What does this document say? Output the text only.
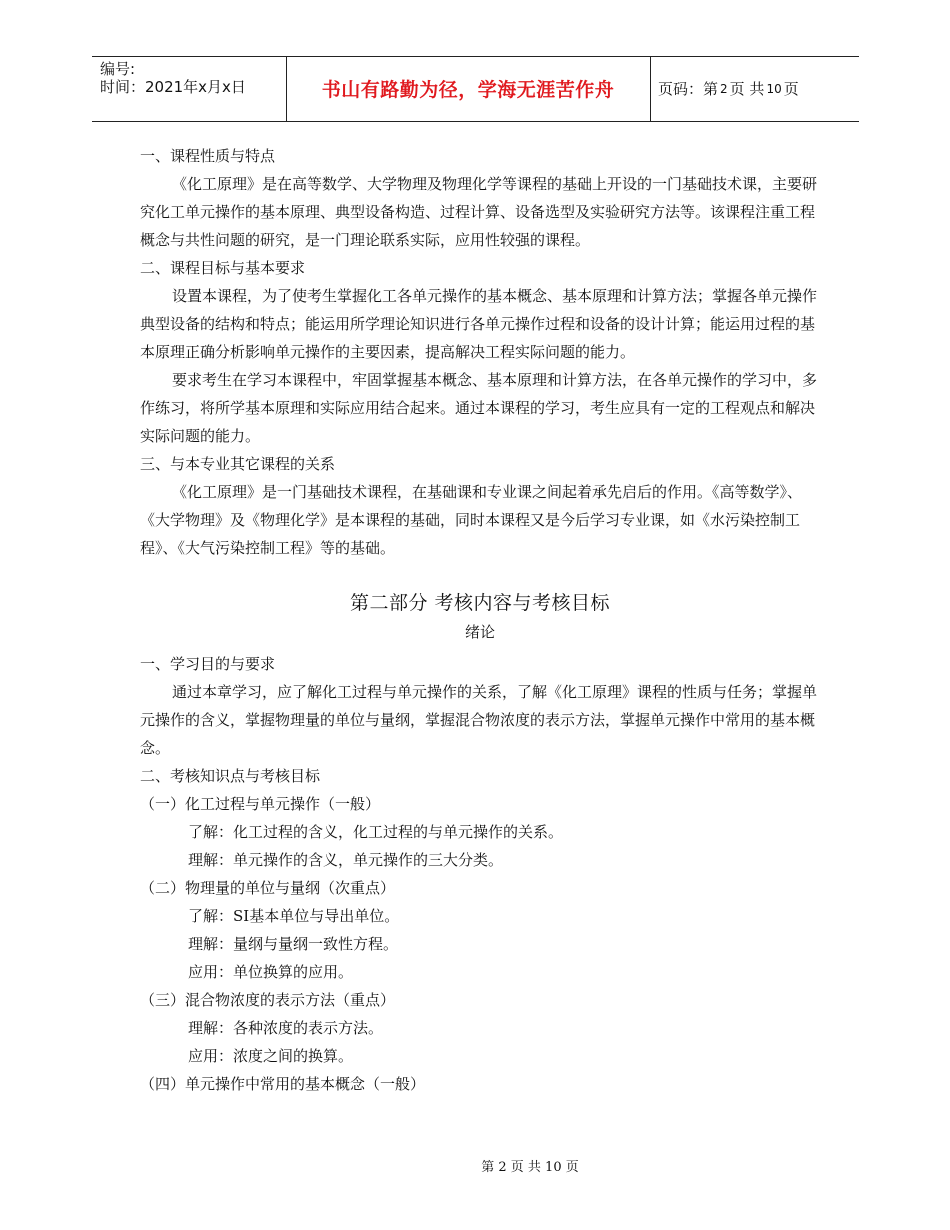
编号:
时间：2021年x月x日	书山有路勤为径，学海无涯苦作舟	页码：第 2 页 共 10 页

一、课程性质与特点

《化工原理》是在高等数学、大学物理及物理化学等课程的基础上开设的一门基础技术课，主要研究化工单元操作的基本原理、典型设备构造、过程计算、设备选型及实验研究方法等。该课程注重工程概念与共性问题的研究，是一门理论联系实际，应用性较强的课程。

二、课程目标与基本要求

设置本课程，为了使考生掌握化工各单元操作的基本概念、基本原理和计算方法；掌握各单元操作典型设备的结构和特点；能运用所学理论知识进行各单元操作过程和设备的设计计算；能运用过程的基本原理正确分析影响单元操作的主要因素，提高解决工程实际问题的能力。

要求考生在学习本课程中，牢固掌握基本概念、基本原理和计算方法，在各单元操作的学习中，多作练习，将所学基本原理和实际应用结合起来。通过本课程的学习，考生应具有一定的工程观点和解决实际问题的能力。

三、与本专业其它课程的关系

《化工原理》是一门基础技术课程，在基础课和专业课之间起着承先启后的作用。《高等数学》、《大学物理》及《物理化学》是本课程的基础，同时本课程又是今后学习专业课，如《水污染控制工程》、《大气污染控制工程》等的基础。

第二部分 考核内容与考核目标

绪论

一、学习目的与要求

通过本章学习，应了解化工过程与单元操作的关系，了解《化工原理》课程的性质与任务；掌握单元操作的含义，掌握物理量的单位与量纲，掌握混合物浓度的表示方法，掌握单元操作中常用的基本概念。

二、考核知识点与考核目标

（一）化工过程与单元操作（一般）

了解：化工过程的含义，化工过程的与单元操作的关系。

理解：单元操作的含义，单元操作的三大分类。

（二）物理量的单位与量纲（次重点）

了解：SI基本单位与导出单位。

理解：量纲与量纲一致性方程。

应用：单位换算的应用。

（三）混合物浓度的表示方法（重点）

理解：各种浓度的表示方法。

应用：浓度之间的换算。

（四）单元操作中常用的基本概念（一般）

第 2 页 共 10 页
